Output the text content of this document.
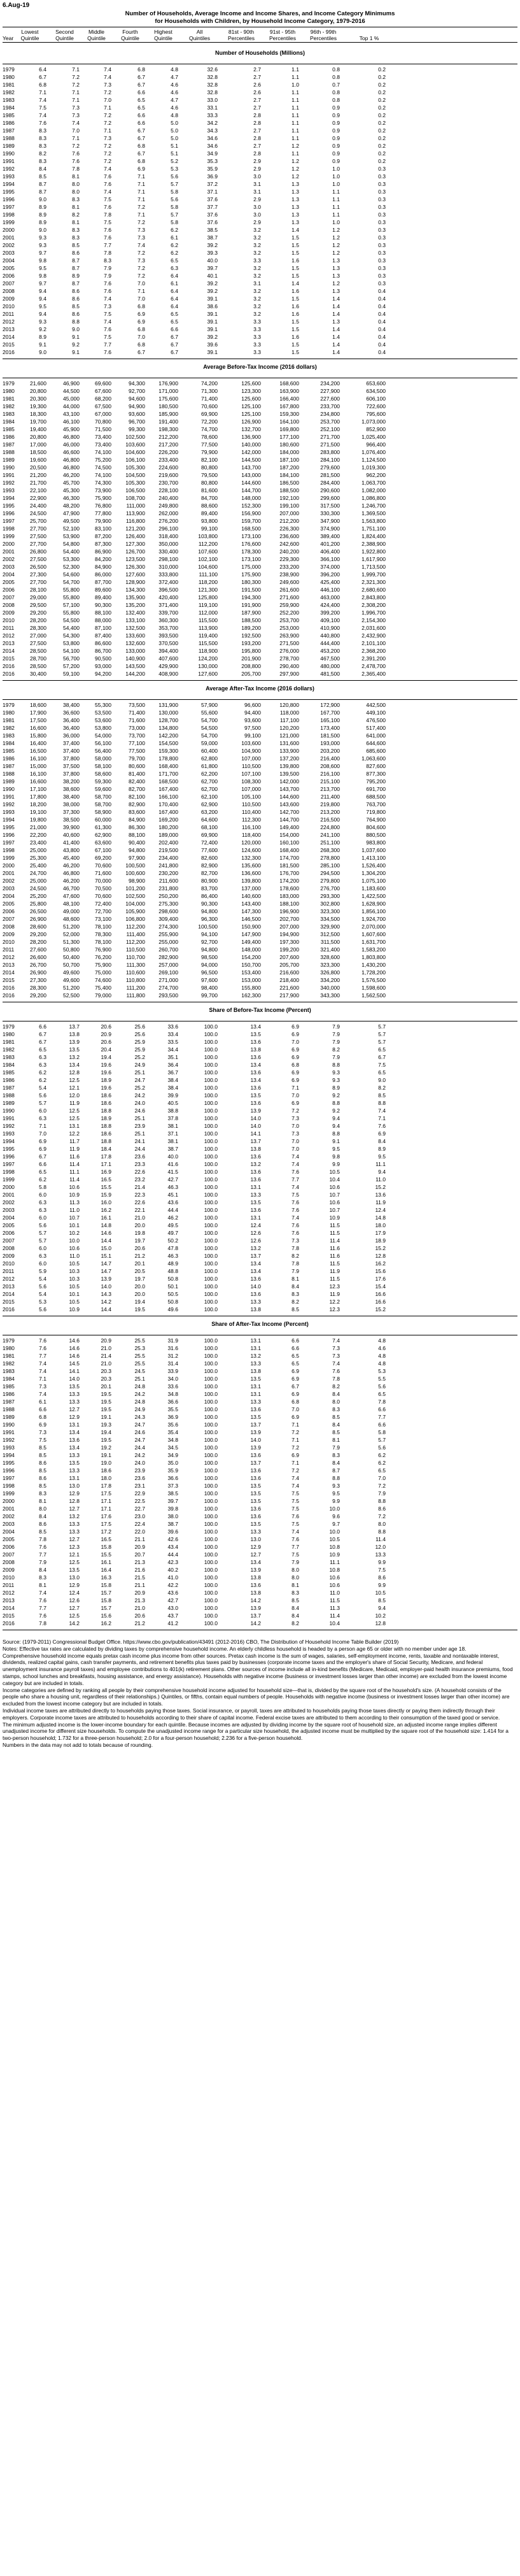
6.Aug-19
Number of Households, Average Income and Income Shares, and Income Category Minimums
for Households with Children, by Household Income Category, 1979-2016

Year
Lowest
Quintile
Second
Quintile
Middle
Quintile
Fourth
Quintile
Highest
Quintile
All
Quintiles
81st - 90th
Percentiles
91st - 95th
Percentiles
96th - 99th
Percentiles
	Top 1 %
Number of Households (Millions)
1979	6.4	7.1	7.4	6.8	4.8	32.6	2.7	1.1	0.8	0.2
1980	6.7	7.2	7.4	6.7	4.7	32.8	2.7	1.1	0.8	0.2
1981	6.8	7.2	7.3	6.7	4.6	32.8	2.6	1.0	0.7	0.2
1982	7.1	7.1	7.2	6.6	4.6	32.8	2.6	1.1	0.8	0.2
1983	7.4	7.1	7.0	6.5	4.7	33.0	2.7	1.1	0.8	0.2
1984	7.5	7.3	7.1	6.5	4.6	33.1	2.7	1.1	0.9	0.2
1985	7.4	7.3	7.2	6.6	4.8	33.3	2.8	1.1	0.9	0.2
1986	7.6	7.4	7.2	6.6	5.0	34.2	2.8	1.1	0.9	0.2
1987	8.3	7.0	7.1	6.7	5.0	34.3	2.7	1.1	0.9	0.2
1988	8.3	7.1	7.3	6.7	5.0	34.6	2.8	1.1	0.9	0.2
1989	8.3	7.2	7.2	6.8	5.1	34.6	2.7	1.2	0.9	0.2
1990	8.2	7.6	7.2	6.7	5.1	34.9	2.8	1.1	0.9	0.2
1991	8.3	7.6	7.2	6.8	5.2	35.3	2.9	1.2	0.9	0.2
1992	8.4	7.8	7.4	6.9	5.3	35.9	2.9	1.2	1.0	0.3
1993	8.5	8.1	7.6	7.1	5.6	36.9	3.0	1.2	1.0	0.3
1994	8.7	8.0	7.6	7.1	5.7	37.2	3.1	1.3	1.0	0.3
1995	8.7	8.0	7.4	7.1	5.8	37.1	3.1	1.3	1.1	0.3
1996	9.0	8.3	7.5	7.1	5.6	37.6	2.9	1.3	1.1	0.3
1997	8.9	8.1	7.6	7.2	5.8	37.7	3.0	1.3	1.1	0.3
1998	8.9	8.2	7.8	7.1	5.7	37.6	3.0	1.3	1.1	0.3
1999	8.9	8.1	7.5	7.2	5.8	37.6	2.9	1.3	1.0	0.3
2000	9.0	8.3	7.6	7.3	6.2	38.5	3.2	1.4	1.2	0.3
2001	9.3	8.3	7.6	7.3	6.1	38.7	3.2	1.5	1.2	0.3
2002	9.3	8.5	7.7	7.4	6.2	39.2	3.2	1.5	1.2	0.3
2003	9.7	8.6	7.8	7.2	6.2	39.3	3.2	1.5	1.2	0.3
2004	9.8	8.7	8.3	7.3	6.5	40.0	3.3	1.6	1.3	0.3
2005	9.5	8.7	7.9	7.2	6.3	39.7	3.2	1.5	1.3	0.3
2006	9.8	8.9	7.9	7.2	6.4	40.1	3.2	1.5	1.3	0.3
2007	9.7	8.7	7.6	7.0	6.1	39.2	3.1	1.4	1.2	0.3
2008	9.4	8.6	7.6	7.1	6.4	39.2	3.2	1.6	1.3	0.4
2009	9.4	8.6	7.4	7.0	6.4	39.1	3.2	1.5	1.4	0.4
2010	9.5	8.5	7.3	6.8	6.4	38.6	3.2	1.6	1.4	0.4
2011	9.4	8.6	7.5	6.9	6.5	39.1	3.2	1.6	1.4	0.4
2012	9.3	8.8	7.4	6.9	6.5	39.1	3.3	1.5	1.3	0.4
2013	9.2	9.0	7.6	6.8	6.6	39.1	3.3	1.5	1.4	0.4
2014	8.9	9.1	7.5	7.0	6.7	39.2	3.3	1.6	1.4	0.4
2015	9.1	9.2	7.7	6.8	6.7	39.6	3.3	1.5	1.4	0.4
2016	9.0	9.1	7.6	6.7	6.7	39.1	3.3	1.5	1.4	0.4
Average Before-Tax Income (2016 dollars)
1979	21,600	46,900	69,600	94,300	176,900	74,200	125,600	168,600	234,200	653,600
1980	20,800	44,500	67,600	92,700	171,000	71,300	123,300	163,900	227,900	634,500
1981	20,300	45,000	68,200	94,600	175,600	71,400	125,600	166,400	227,600	606,100
1982	19,300	44,000	67,500	94,900	180,500	70,600	125,100	167,800	233,700	722,600
1983	18,300	43,100	67,000	93,600	185,900	69,900	125,100	159,300	234,800	795,600
1984	19,700	46,100	70,800	96,700	191,400	72,200	126,900	164,100	253,700	1,073,000
1985	19,400	45,900	71,500	99,300	198,300	74,700	132,700	169,800	252,100	852,900
1986	20,800	46,800	73,400	102,500	212,200	78,600	136,900	177,100	271,700	1,025,400
1987	17,000	46,000	73,400	103,600	217,200	77,500	140,000	180,600	271,500	966,400
1988	18,500	46,600	74,100	104,600	226,200	79,900	142,000	184,000	283,800	1,076,400
1989	19,600	46,800	75,200	106,100	233,400	82,100	144,500	187,100	284,100	1,124,500
1990	20,500	46,800	74,500	105,300	224,600	80,800	143,700	187,200	279,600	1,019,300
1991	21,200	46,200	74,100	104,500	219,600	79,500	143,000	184,100	281,500	962,200
1992	21,700	45,700	74,300	105,300	230,700	80,800	144,600	186,500	284,400	1,063,700
1993	22,100	45,300	73,900	106,500	228,100	81,600	144,700	188,500	290,600	1,082,000
1994	22,900	46,300	75,900	108,700	240,400	84,700	148,000	192,100	299,600	1,086,800
1995	24,400	48,200	76,800	111,000	249,800	88,600	152,300	199,100	317,500	1,246,700
1996	24,500	47,900	77,800	113,900	262,000	89,400	156,900	207,000	330,300	1,369,500
1997	25,700	49,500	79,900	116,800	276,200	93,800	159,700	212,200	347,900	1,563,800
1998	27,700	52,100	83,100	121,200	296,100	99,100	168,500	226,300	374,900	1,751,100
1999	27,500	53,900	87,200	126,400	318,400	103,800	173,100	236,600	389,400	1,824,400
2000	27,700	54,800	87,300	127,300	350,000	112,200	176,600	242,600	401,200	2,388,900
2001	26,800	54,400	86,900	126,700	330,400	107,600	178,300	240,200	406,400	1,922,800
2002	27,500	53,300	84,200	123,500	298,100	102,100	173,100	229,300	366,100	1,617,900
2003	26,500	52,300	84,900	126,300	310,000	104,600	175,000	233,200	374,000	1,713,500
2004	27,300	54,600	86,000	127,600	333,800	111,100	175,900	238,900	396,200	1,999,700
2005	27,700	54,700	87,700	128,900	372,400	118,200	180,300	249,600	425,400	2,321,300
2006	28,100	55,800	89,600	134,300	396,500	121,300	191,500	261,600	446,100	2,680,600
2007	29,000	55,800	89,400	135,900	420,400	125,800	194,300	271,600	463,000	2,843,800
2008	29,500	57,100	90,300	135,200	371,400	119,100	191,900	259,900	424,400	2,308,200
2009	29,200	55,800	88,100	132,400	339,700	112,000	187,900	252,200	399,200	1,996,700
2010	28,200	54,500	88,000	133,100	360,300	115,500	188,500	253,700	409,100	2,154,300
2011	28,300	54,400	87,100	132,500	353,700	113,900	189,200	253,000	410,900	2,031,600
2012	27,000	54,300	87,400	133,600	393,500	119,400	192,500	263,900	440,800	2,432,900
2013	27,500	53,800	86,600	132,600	370,500	115,500	193,200	271,500	444,400	2,101,100
2014	28,500	54,100	86,700	133,000	394,400	118,900	195,800	276,000	453,200	2,368,200
2015	28,700	56,700	90,500	140,900	407,600	124,200	201,900	278,700	467,500	2,391,200
2016	28,500	57,200	93,000	143,500	429,900	130,000	208,800	290,400	480,000	2,478,700
2016	30,400	59,100	94,200	144,200	408,900	127,600	205,700	297,900	481,500	2,365,400
Average After-Tax Income (2016 dollars)
1979	18,600	38,400	55,300	73,500	131,900	57,900	96,600	120,800	172,900	442,500
1980	17,900	36,600	53,500	71,400	130,000	55,600	94,400	118,000	167,700	449,100
1981	17,500	36,400	53,600	71,600	128,700	54,700	93,600	117,100	165,100	476,500
1982	16,600	36,400	53,800	73,000	134,800	54,500	97,500	120,200	173,400	517,400
1983	15,800	36,000	54,000	73,700	142,200	54,700	99,100	121,000	181,500	641,000
1984	16,400	37,400	56,100	77,100	154,500	59,000	103,600	131,600	193,000	644,600
1985	16,500	37,400	56,400	77,500	159,300	60,400	104,900	133,900	203,200	685,600
1986	16,100	37,800	58,000	79,700	178,800	62,800	107,000	137,200	216,400	1,063,600
1987	15,000	37,500	58,100	80,600	168,400	61,800	110,500	139,800	208,600	827,600
1988	16,100	37,800	58,600	81,400	171,700	62,200	107,100	139,500	216,100	877,300
1989	16,600	38,200	59,300	82,400	168,500	62,700	108,300	142,000	215,100	795,200
1990	17,100	38,600	59,600	82,700	167,400	62,700	107,000	143,700	213,700	691,700
1991	17,800	38,400	58,700	82,100	166,100	62,100	105,100	144,600	211,400	688,500
1992	18,200	38,000	58,700	82,900	170,400	62,900	110,500	143,600	219,800	763,700
1993	19,100	37,300	58,900	83,600	167,400	63,200	110,400	142,700	213,200	719,800
1994	19,800	38,500	60,000	84,900	169,200	64,600	112,300	144,700	216,500	764,900
1995	21,000	39,900	61,300	86,300	180,200	68,100	116,100	149,400	224,800	804,600
1996	22,200	40,600	62,900	88,100	189,000	69,900	118,400	154,000	241,100	880,500
1997	23,400	41,400	63,600	90,400	202,400	72,400	120,000	160,100	251,100	983,800
1998	25,000	43,800	67,100	94,800	219,500	77,600	124,600	168,400	268,300	1,037,600
1999	25,300	45,400	69,200	97,900	234,400	82,600	132,300	174,700	278,800	1,413,100
2000	25,400	46,200	70,600	100,500	241,800	82,900	135,600	181,500	285,100	1,526,400
2001	24,700	46,800	71,600	100,600	230,200	82,700	136,600	176,700	294,500	1,304,200
2002	25,000	46,200	70,000	98,900	211,600	80,900	139,800	174,200	279,800	1,075,100
2003	24,500	46,700	70,500	101,200	231,800	83,700	137,000	178,600	276,700	1,183,600
2004	25,200	47,600	70,600	102,500	250,200	86,400	140,600	183,000	293,300	1,422,500
2005	25,800	48,100	72,400	104,000	275,300	90,300	143,400	188,100	302,800	1,628,900
2006	26,500	49,000	72,700	105,900	298,600	94,800	147,300	196,900	323,300	1,856,100
2007	26,900	48,600	73,100	106,800	309,400	96,300	146,500	202,700	334,500	1,924,700
2008	28,600	51,200	78,100	112,200	274,300	100,500	150,900	207,000	329,900	2,070,000
2009	29,200	52,000	78,300	111,400	255,900	94,100	147,900	194,900	312,500	1,607,600
2010	28,200	51,300	78,100	112,200	255,000	92,700	149,400	197,300	311,500	1,631,700
2011	27,600	50,800	76,900	110,500	260,700	94,800	148,000	199,200	321,400	1,583,200
2012	26,600	50,400	76,200	110,700	282,900	98,500	154,200	207,600	328,600	1,803,800
2013	26,700	50,700	75,900	111,300	257,000	94,000	150,700	205,700	323,300	1,430,200
2014	26,900	49,600	75,000	110,600	269,100	96,500	153,400	216,600	326,800	1,728,200
2015	27,300	49,600	74,600	110,800	271,000	97,600	153,000	218,400	334,200	1,576,500
2016	28,300	51,200	75,400	111,200	274,700	98,400	155,800	221,600	340,000	1,598,600
2016	29,200	52,500	79,000	111,800	293,500	99,700	162,300	217,900	343,300	1,562,500
Share of Before-Tax Income (Percent)
1979	6.6	13.7	20.6	25.6	33.6	100.0	13.4	6.9	7.9	5.7
1980	6.7	13.8	20.9	25.6	33.4	100.0	13.5	6.9	7.9	5.7
1981	6.7	13.9	20.6	25.9	33.5	100.0	13.6	7.0	7.9	5.7
1982	6.5	13.5	20.4	25.9	34.4	100.0	13.8	6.9	8.2	6.5
1983	6.3	13.2	19.4	25.2	35.1	100.0	13.6	6.9	7.9	6.7
1984	6.3	13.4	19.6	24.9	36.4	100.0	13.4	6.8	8.8	7.5
1985	6.2	12.8	19.6	25.1	36.7	100.0	13.6	6.9	9.3	6.5
1986	6.2	12.5	18.9	24.7	38.4	100.0	13.4	6.9	9.3	9.0
1987	5.4	12.1	19.6	25.2	38.4	100.0	13.6	7.1	8.9	8.2
1988	5.6	12.0	18.6	24.2	39.9	100.0	13.5	7.0	9.2	8.5
1989	5.7	11.9	18.6	24.0	40.5	100.0	13.6	6.9	8.8	8.8
1990	6.0	12.5	18.8	24.6	38.8	100.0	13.9	7.2	9.2	7.4
1991	6.3	12.5	18.9	25.1	37.8	100.0	14.0	7.3	9.4	7.1
1992	7.1	13.1	18.8	23.9	38.1	100.0	14.0	7.0	9.4	7.6
1993	7.0	12.2	18.6	25.1	37.1	100.0	14.1	7.3	8.8	6.9
1994	6.9	11.7	18.8	24.1	38.1	100.0	13.7	7.0	9.1	8.4
1995	6.9	11.9	18.4	24.4	38.7	100.0	13.8	7.0	9.5	8.9
1996	6.7	11.6	17.8	23.6	40.0	100.0	13.6	7.4	9.8	9.5
1997	6.6	11.4	17.1	23.3	41.6	100.0	13.2	7.4	9.9	11.1
1998	6.5	11.1	16.9	22.6	41.5	100.0	13.6	7.6	10.5	9.4
1999	6.2	11.4	16.5	23.2	42.7	100.0	13.6	7.7	10.4	11.0
2000	5.8	10.6	15.5	21.4	46.3	100.0	13.1	7.4	10.6	15.2
2001	6.0	10.9	15.9	22.3	45.1	100.0	13.3	7.5	10.7	13.6
2002	6.3	11.3	16.0	22.6	43.6	100.0	13.5	7.6	10.6	11.9
2003	6.3	11.0	16.2	22.1	44.4	100.0	13.6	7.6	10.7	12.4
2004	6.0	10.7	16.1	21.0	46.2	100.0	13.1	7.4	10.9	14.8
2005	5.6	10.1	14.8	20.0	49.5	100.0	12.4	7.6	11.5	18.0
2006	5.7	10.2	14.6	19.8	49.7	100.0	12.6	7.6	11.5	17.9
2007	5.7	10.0	14.4	19.7	50.2	100.0	12.6	7.3	11.4	18.9
2008	6.0	10.6	15.0	20.6	47.8	100.0	13.2	7.8	11.6	15.2
2009	6.3	11.0	15.1	21.2	46.3	100.0	13.7	8.2	11.6	12.8
2010	6.0	10.5	14.7	20.1	48.9	100.0	13.4	7.8	11.5	16.2
2011	5.9	10.3	14.7	20.5	48.8	100.0	13.4	7.9	11.9	15.6
2012	5.4	10.3	13.9	19.7	50.8	100.0	13.6	8.1	11.5	17.6
2013	5.6	10.5	14.0	20.0	50.1	100.0	14.0	8.4	12.3	15.4
2014	5.4	10.1	14.3	20.0	50.5	100.0	13.6	8.3	11.9	16.6
2015	5.3	10.5	14.2	19.4	50.8	100.0	13.3	8.2	12.2	16.6
2016	5.6	10.9	14.4	19.5	49.6	100.0	13.8	8.5	12.3	15.2
Share of After-Tax Income (Percent)
1979	7.6	14.6	20.9	25.5	31.9	100.0	13.1	6.6	7.4	4.8
1980	7.6	14.6	21.0	25.3	31.6	100.0	13.1	6.6	7.3	4.6
1981	7.7	14.6	21.4	25.5	31.2	100.0	13.2	6.5	7.3	4.8
1982	7.4	14.5	21.0	25.5	31.4	100.0	13.3	6.5	7.4	4.8
1983	7.4	14.1	20.3	24.5	33.9	100.0	13.8	6.9	7.6	5.3
1984	7.1	14.0	20.3	25.1	34.0	100.0	13.5	6.9	7.8	5.5
1985	7.3	13.5	20.1	24.8	33.6	100.0	13.1	6.7	8.2	5.6
1986	7.4	13.3	19.5	24.2	34.8	100.0	13.1	6.9	8.4	6.5
1987	6.1	13.3	19.5	24.8	36.6	100.0	13.3	6.8	8.0	7.8
1988	6.6	12.7	19.5	24.9	35.5	100.0	13.6	7.0	8.3	6.6
1989	6.8	12.9	19.1	24.3	36.9	100.0	13.5	6.9	8.5	7.7
1990	6.9	13.1	19.3	24.7	35.6	100.0	13.7	7.1	8.4	6.6
1991	7.3	13.4	19.4	24.6	35.4	100.0	13.9	7.2	8.5	5.8
1992	7.5	13.6	19.5	24.7	34.8	100.0	14.0	7.1	8.1	5.7
1993	8.5	13.4	19.2	24.4	34.5	100.0	13.9	7.2	7.9	5.6
1994	8.5	13.3	19.1	24.2	34.9	100.0	13.6	6.9	8.3	6.2
1995	8.6	13.5	19.0	24.0	35.0	100.0	13.7	7.1	8.4	6.2
1996	8.5	13.3	18.6	23.9	35.9	100.0	13.6	7.2	8.7	6.5
1997	8.6	13.1	18.0	23.6	36.6	100.0	13.6	7.4	8.8	7.0
1998	8.5	13.0	17.8	23.1	37.3	100.0	13.5	7.4	9.3	7.2
1999	8.3	12.9	17.5	22.9	38.5	100.0	13.5	7.5	9.5	7.9
2000	8.1	12.8	17.1	22.5	39.7	100.0	13.5	7.5	9.9	8.8
2001	8.0	12.7	17.1	22.7	39.8	100.0	13.6	7.5	10.0	8.6
2002	8.4	13.2	17.6	23.0	38.0	100.0	13.6	7.6	9.6	7.2
2003	8.6	13.3	17.5	22.4	38.7	100.0	13.5	7.5	9.7	8.0
2004	8.5	13.3	17.2	22.0	39.6	100.0	13.3	7.4	10.0	8.8
2005	7.8	12.7	16.5	21.1	42.6	100.0	13.0	7.6	10.5	11.4
2006	7.6	12.3	15.8	20.9	43.4	100.0	12.9	7.7	10.8	12.0
2007	7.7	12.1	15.5	20.7	44.4	100.0	12.7	7.5	10.9	13.3
2008	7.9	12.5	16.1	21.3	42.3	100.0	13.4	7.9	11.1	9.9
2009	8.4	13.5	16.4	21.6	40.2	100.0	13.9	8.0	10.8	7.5
2010	8.3	13.0	16.3	21.5	41.0	100.0	13.8	8.0	10.6	8.6
2011	8.1	12.9	15.8	21.1	42.2	100.0	13.6	8.1	10.6	9.9
2012	7.4	12.4	15.7	20.9	43.6	100.0	13.8	8.3	11.0	10.5
2013	7.6	12.6	15.8	21.3	42.7	100.0	14.2	8.5	11.5	8.5
2014	7.7	12.7	15.7	21.0	43.0	100.0	13.9	8.4	11.3	9.4
2015	7.6	12.5	15.6	20.6	43.7	100.0	13.7	8.4	11.4	10.2
2016	7.8	14.2	16.2	21.2	41.2	100.0	14.2	8.2	10.4	12.8

Source: (1979-2011) Congressional Budget Office. https://www.cbo.gov/publication/43491 (2012-2016) CBO, The Distribution of Household Income Table Builder (2019)

Notes: Effective tax rates are calculated by dividing taxes by comprehensive household income. An elderly childless household is headed by a person age 65 or older with no member under age 18.

Comprehensive household income equals pretax cash income plus income from other sources. Pretax cash income is the sum of wages, salaries, self-employment income, rents, taxable and nontaxable interest, dividends, realized capital gains, cash transfer payments, and retirement benefits plus taxes paid by businesses (corporate income taxes and the employer's share of Social Security, Medicare, and federal unemployment insurance payroll taxes) and employee contributions to 401(k) retirement plans. Other sources of income include all in-kind benefits (Medicare, Medicaid, employer-paid health insurance premiums, food stamps, school lunches and breakfasts, housing assistance, and energy assistance). Households with negative income (business or investment losses larger than other income) are excluded from the lowest income category but are included in totals.

Income categories are defined by ranking all people by their comprehensive household income adjusted for household size—that is, divided by the square root of the household's size. (A household consists of the people who share a housing unit, regardless of their relationships.) Quintiles, or fifths, contain equal numbers of people. Households with negative income (business or investment losses larger than other income) are excluded from the lowest income category but are included in totals.

Individual income taxes are attributed directly to households paying those taxes. Social insurance, or payroll, taxes are attributed to households paying those taxes directly or paying them indirectly through their employers. Corporate income taxes are attributed to households according to their share of capital income. Federal excise taxes are attributed to them according to their consumption of the taxed good or service.

The minimum adjusted income is the lower-income boundary for each quintile. Because incomes are adjusted by dividing income by the square root of household size, an adjusted income range implies different unadjusted income for different size households. To compute the unadjusted income range for a particular size household, the adjusted income must be multiplied by the square root of the household size: 1.414 for a two-person household; 1.732 for a three-person household; 2.0 for a four-person household; 2.236 for a five-person household.

Numbers in the data may not add to totals because of rounding.
